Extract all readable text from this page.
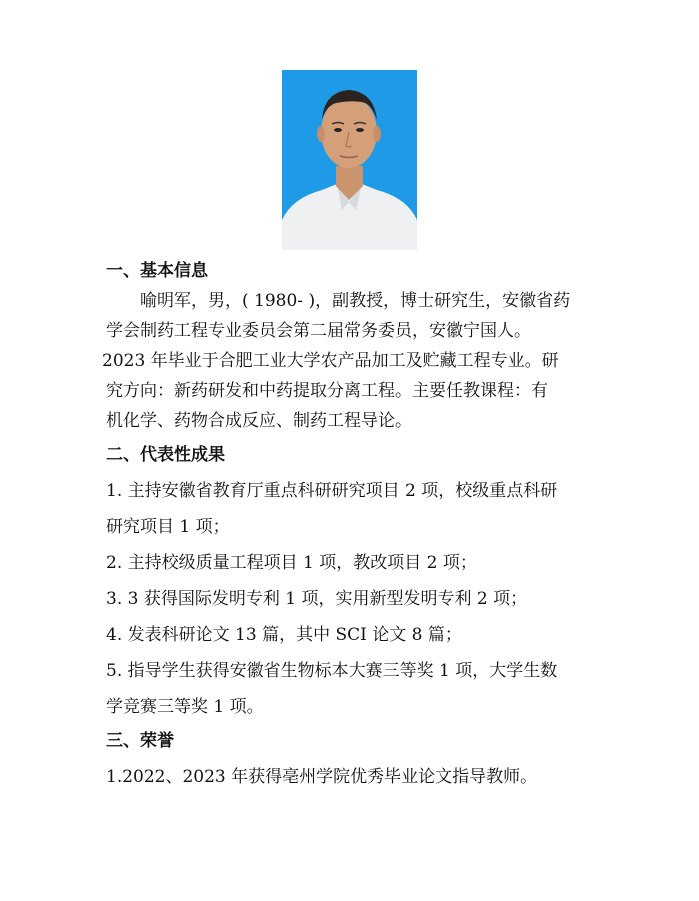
一、基本信息

喻明军，男，( 1980- )，副教授，博士研究生，安徽省药

学会制药工程专业委员会第二届常务委员，安徽宁国人。

2023 年毕业于合肥工业大学农产品加工及贮藏工程专业。研

究方向：新药研发和中药提取分离工程。主要任教课程：有

机化学、药物合成反应、制药工程导论。

二、代表性成果

1. 主持安徽省教育厅重点科研研究项目 2 项，校级重点科研

研究项目 1 项；

2. 主持校级质量工程项目 1 项，教改项目 2 项；

3. 3 获得国际发明专利 1 项，实用新型发明专利 2 项；

4. 发表科研论文 13 篇，其中 SCI 论文 8 篇；

5. 指导学生获得安徽省生物标本大赛三等奖 1 项，大学生数

学竞赛三等奖 1 项。

三、荣誉

1.2022、2023 年获得亳州学院优秀毕业论文指导教师。
